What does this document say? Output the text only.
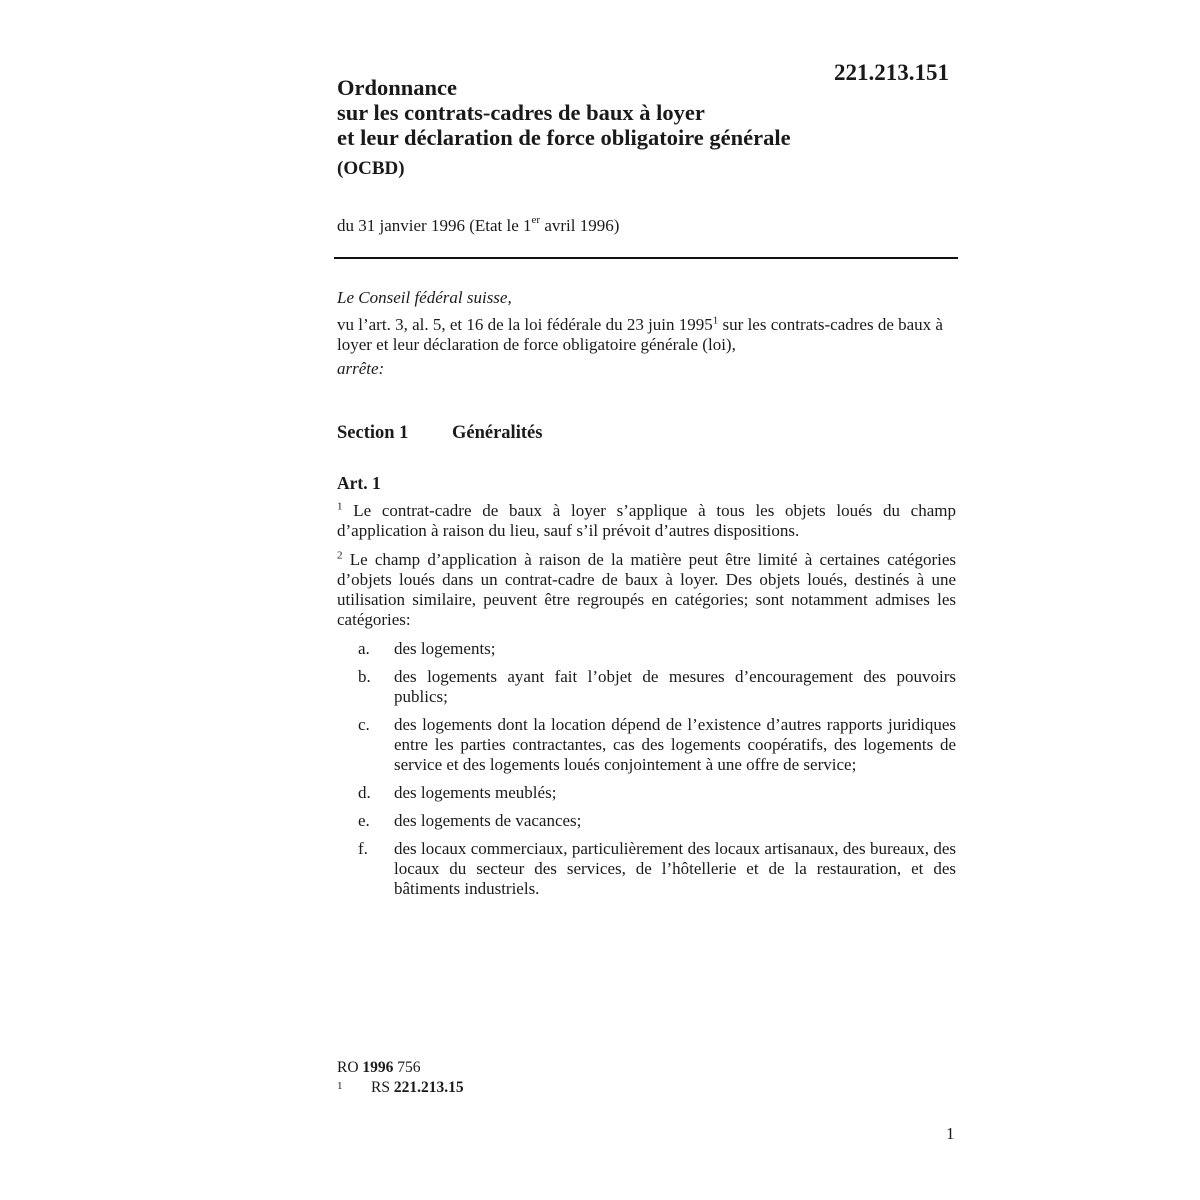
221.213.151
Ordonnance
sur les contrats-cadres de baux à loyer
et leur déclaration de force obligatoire générale
(OCBD)
du 31 janvier 1996 (Etat le 1er avril 1996)
Le Conseil fédéral suisse,
vu l’art. 3, al. 5, et 16 de la loi fédérale du 23 juin 1995$^1$ sur les contrats-cadres de baux à loyer et leur déclaration de force obligatoire générale (loi),
arrête:
Section 1 Généralités
Art. 1

$^1$ Le contrat-cadre de baux à loyer s’applique à tous les objets loués du champ d’application à raison du lieu, sauf s’il prévoit d’autres dispositions.

$^2$ Le champ d’application à raison de la matière peut être limité à certaines catégories d’objets loués dans un contrat-cadre de baux à loyer. Des objets loués, destinés à une utilisation similaire, peuvent être regroupés en catégories; sont notamment admises les catégories:

a.	des logements;
b.	des logements ayant fait l’objet de mesures d’encouragement des pouvoirs publics;
c.	des logements dont la location dépend de l’existence d’autres rapports juridiques entre les parties contractantes, cas des logements coopératifs, des logements de service et des logements loués conjointement à une offre de service;
d.	des logements meublés;
e.	des logements de vacances;
f.	des locaux commerciaux, particulièrement des locaux artisanaux, des bureaux, des locaux du secteur des services, de l’hôtellerie et de la restauration, et des bâtiments industriels.
RO 1996 756
1 RS 221.213.15
1
